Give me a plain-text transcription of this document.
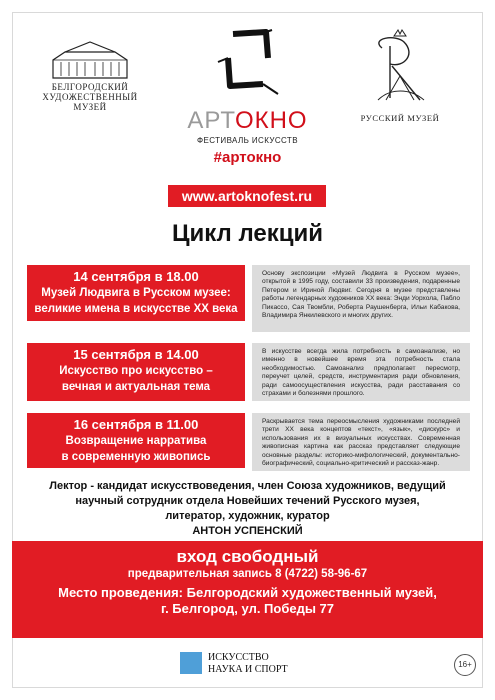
БЕЛГОРОДСКИЙ
ХУДОЖЕСТВЕННЫЙ МУЗЕЙ	АРТОКНО
ФЕСТИВАЛЬ ИСКУССТВ
#артокно
РУССКИЙ МУЗЕЙ
www.artoknofest.ru
Цикл лекций
14 сентября в 18.00
Музей Людвига в Русском музее:
великие имена в искусстве ХХ века
Основу экспозиции «Музей Людвига в Русском музее», открытой в 1995 году, составили 33 произведения, подаренные Петером и Ириной Людвиг. Сегодня в музее представлены работы легендарных художников ХХ века: Энди Уорхола, Пабло Пикассо, Сая Твомбли, Роберта Раушенберга, Ильи Кабакова, Владимира Янкилевского и многих других.
15 сентября в 14.00
Искусство про искусство –
вечная и актуальная тема
В искусстве всегда жила потребность в самоанализе, но именно в новейшее время эта потребность стала необходимостью. Самоанализ предполагает пересмотр, переучет целей, средств, инструментария ради обновления, ради самоосуществления искусства, ради расставания со страхами и болезнями прошлого.
16 сентября в 11.00
Возвращение нарратива
в современную живопись
Раскрывается тема переосмысления художниками последней трети ХХ века концептов «текст», «язык», «дискурс» и использования их в визуальных искусствах. Современная живописная картина как рассказ представляет следующие основные разделы: историко-мифологический, документально-биографический, социально-критический и рассказ-жанр.
Лектор - кандидат искусствоведения, член Союза художников, ведущий
научный сотрудник отдела Новейших течений Русского музея,
литератор, художник, куратор
АНТОН УСПЕНСКИЙ
вход свободный
предварительная запись 8 (4722) 58-96-67
Место проведения: Белгородский художественный музей,
г. Белгород, ул. Победы 77
ИСКУССТВО
НАУКА И СПОРТ	16+
